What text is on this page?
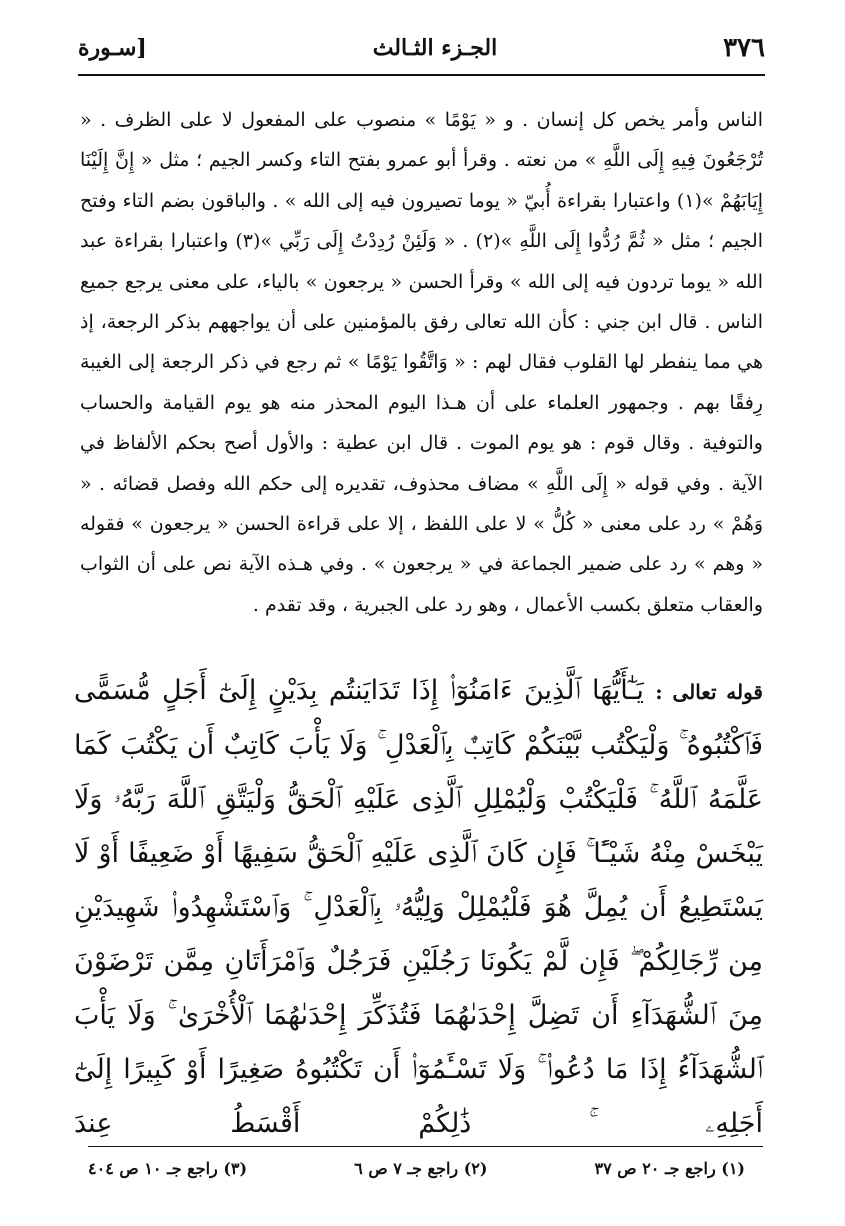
٣٧٦
الجـزء الثـالث
[سـورة

الناس وأمر يخص كل إنسان . و « يَوْمًا » منصوب على المفعول لا على الظرف . « تُرْجَعُونَ فِيهِ إِلَى اللَّهِ » من نعته . وقرأ أبو عمرو بفتح التاء وكسر الجيم ؛ مثل « إِنَّ إِلَيْنَا إِيَابَهُمْ »(١) واعتبارا بقراءة أُبيّ « يوما تصيرون فيه إلى الله » . والباقون بضم التاء وفتح الجيم ؛ مثل « ثُمَّ رُدُّوا إِلَى اللَّهِ »(٢) . « وَلَئِنْ رُدِدْتُ إِلَى رَبِّي »(٣) واعتبارا بقراءة عبد الله « يوما تردون فيه إلى الله » وقرأ الحسن « يرجعون » بالياء، على معنى يرجع جميع الناس . قال ابن جني : كأن الله تعالى رفق بالمؤمنين على أن يواجههم بذكر الرجعة، إذ هي مما ينفطر لها القلوب فقال لهم : « وَاتَّقُوا يَوْمًا » ثم رجع في ذكر الرجعة إلى الغيبة رِفقًا بهم . وجمهور العلماء على أن هـذا اليوم المحذر منه هو يوم القيامة والحساب والتوفية . وقال قوم : هو يوم الموت . قال ابن عطية : والأول أصح بحكم الألفاظ في الآية . وفي قوله « إِلَى اللَّهِ » مضاف محذوف، تقديره إلى حكم الله وفصل قضائه . « وَهُمْ » رد على معنى « كُلُّ » لا على اللفظ ، إلا على قراءة الحسن « يرجعون » فقوله « وهم » رد على ضمير الجماعة في « يرجعون » . وفي هـذه الآية نص على أن الثواب والعقاب متعلق بكسب الأعمال ، وهو رد على الجبرية ، وقد تقدم .

قوله تعالى : يَـٰٓأَيُّهَا ٱلَّذِينَ ءَامَنُوٓا۟ إِذَا تَدَايَنتُم بِدَيْنٍ إِلَىٰٓ أَجَلٍ مُّسَمًّى فَٱكْتُبُوهُ ۚ وَلْيَكْتُب بَّيْنَكُمْ كَاتِبٌۢ بِٱلْعَدْلِ ۚ وَلَا يَأْبَ كَاتِبٌ أَن يَكْتُبَ كَمَا عَلَّمَهُ ٱللَّهُ ۚ فَلْيَكْتُبْ وَلْيُمْلِلِ ٱلَّذِى عَلَيْهِ ٱلْحَقُّ وَلْيَتَّقِ ٱللَّهَ رَبَّهُۥ وَلَا يَبْخَسْ مِنْهُ شَيْـًٔا ۚ فَإِن كَانَ ٱلَّذِى عَلَيْهِ ٱلْحَقُّ سَفِيهًا أَوْ ضَعِيفًا أَوْ لَا يَسْتَطِيعُ أَن يُمِلَّ هُوَ فَلْيُمْلِلْ وَلِيُّهُۥ بِٱلْعَدْلِ ۚ وَٱسْتَشْهِدُوا۟ شَهِيدَيْنِ مِن رِّجَالِكُمْ ۖ فَإِن لَّمْ يَكُونَا رَجُلَيْنِ فَرَجُلٌ وَٱمْرَأَتَانِ مِمَّن تَرْضَوْنَ مِنَ ٱلشُّهَدَآءِ أَن تَضِلَّ إِحْدَىٰهُمَا فَتُذَكِّرَ إِحْدَىٰهُمَا ٱلْأُخْرَىٰ ۚ وَلَا يَأْبَ ٱلشُّهَدَآءُ إِذَا مَا دُعُوا۟ ۚ وَلَا تَسْـَٔمُوٓا۟ أَن تَكْتُبُوهُ صَغِيرًا أَوْ كَبِيرًا إِلَىٰٓ أَجَلِهِۦ ۚ ذَٰلِكُمْ أَقْسَطُ عِندَ

(١) راجع جـ ٢٠ ص ٣٧
(٢) راجع جـ ٧ ص ٦
(٣) راجع جـ ١٠ ص ٤٠٤
